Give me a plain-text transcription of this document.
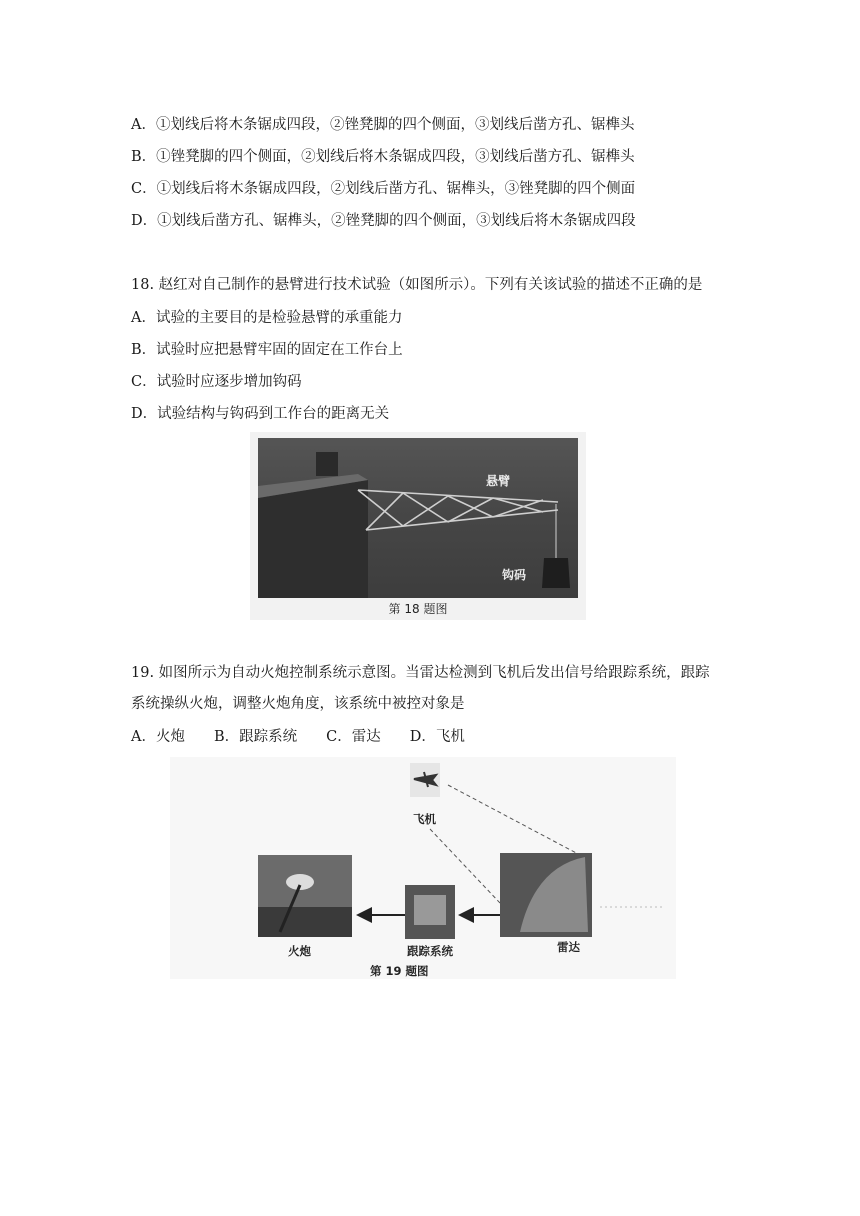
A．①划线后将木条锯成四段，②锉凳脚的四个侧面，③划线后凿方孔、锯榫头
B．①锉凳脚的四个侧面，②划线后将木条锯成四段，③划线后凿方孔、锯榫头
C．①划线后将木条锯成四段，②划线后凿方孔、锯榫头，③锉凳脚的四个侧面
D．①划线后凿方孔、锯榫头，②锉凳脚的四个侧面，③划线后将木条锯成四段
18. 赵红对自己制作的悬臂进行技术试验（如图所示）。下列有关该试验的描述不正确的是
A．试验的主要目的是检验悬臂的承重能力
B．试验时应把悬臂牢固的固定在工作台上
C．试验时应逐步增加钩码
D．试验结构与钩码到工作台的距离无关
悬臂
钩码
第 18 题图
19. 如图所示为自动火炮控制系统示意图。当雷达检测到飞机后发出信号给跟踪系统，跟踪
系统操纵火炮，调整火炮角度，该系统中被控对象是
A．火炮　　B．跟踪系统　　C．雷达　　D．飞机
飞机
火炮	跟踪系统	雷达
第 19 题图
